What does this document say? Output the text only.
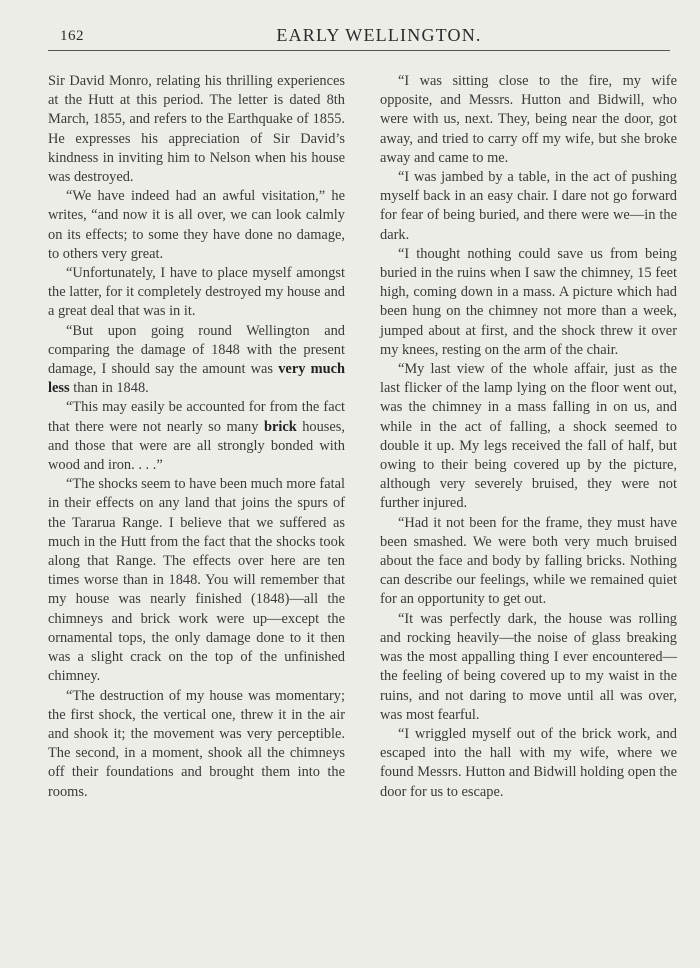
162	EARLY WELLINGTON.

Sir David Monro, relating his thrilling experiences at the Hutt at this period. The letter is dated 8th March, 1855, and refers to the Earthquake of 1855. He expresses his appreciation of Sir David’s kindness in inviting him to Nelson when his house was destroyed.

“We have indeed had an awful visitation,” he writes, “and now it is all over, we can look calmly on its effects; to some they have done no damage, to others very great.

“Unfortunately, I have to place myself amongst the latter, for it completely destroyed my house and a great deal that was in it.

“But upon going round Wellington and comparing the damage of 1848 with the present damage, I should say the amount was very much less than in 1848.

“This may easily be accounted for from the fact that there were not nearly so many brick houses, and those that were are all strongly bonded with wood and iron. . . .”

“The shocks seem to have been much more fatal in their effects on any land that joins the spurs of the Tararua Range. I believe that we suffered as much in the Hutt from the fact that the shocks took along that Range. The effects over here are ten times worse than in 1848. You will remember that my house was nearly finished (1848)—all the chimneys and brick work were up—except the ornamental tops, the only damage done to it then was a slight crack on the top of the unfinished chimney.

“The destruction of my house was momentary; the first shock, the vertical one, threw it in the air and shook it; the movement was very perceptible. The second, in a moment, shook all the chimneys off their foundations and brought them into the rooms.

“I was sitting close to the fire, my wife opposite, and Messrs. Hutton and Bidwill, who were with us, next. They, being near the door, got away, and tried to carry off my wife, but she broke away and came to me.

“I was jambed by a table, in the act of pushing myself back in an easy chair. I dare not go forward for fear of being buried, and there were we—in the dark.

“I thought nothing could save us from being buried in the ruins when I saw the chimney, 15 feet high, coming down in a mass. A picture which had been hung on the chimney not more than a week, jumped about at first, and the shock threw it over my knees, resting on the arm of the chair.

“My last view of the whole affair, just as the last flicker of the lamp lying on the floor went out, was the chimney in a mass falling in on us, and while in the act of falling, a shock seemed to double it up. My legs received the fall of half, but owing to their being covered up by the picture, although very severely bruised, they were not further injured.

“Had it not been for the frame, they must have been smashed. We were both very much bruised about the face and body by falling bricks. Nothing can describe our feelings, while we remained quiet for an opportunity to get out.

“It was perfectly dark, the house was rolling and rocking heavily—the noise of glass breaking was the most appalling thing I ever encountered—the feeling of being covered up to my waist in the ruins, and not daring to move until all was over, was most fearful.

“I wriggled myself out of the brick work, and escaped into the hall with my wife, where we found Messrs. Hutton and Bidwill holding open the door for us to escape.
